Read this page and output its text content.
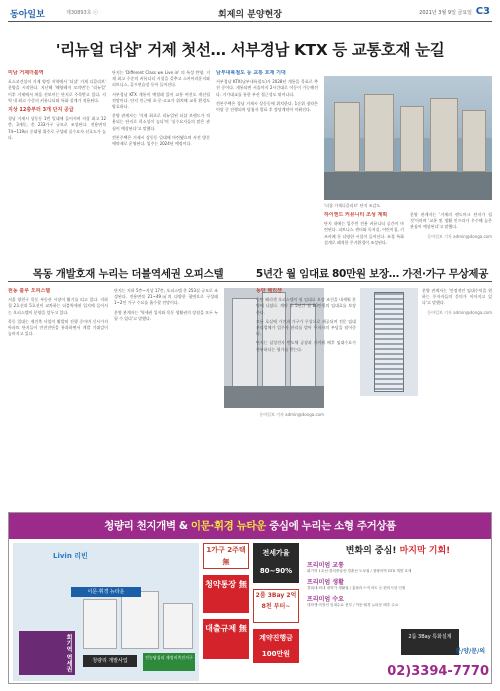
동아일보	제30893호 ⓒ	회제의 분양현장	2021년 3월 9일 금요일 C3
'리뉴얼 더샵' 거제 첫선… 서부경남 KTX 등 교통호재 눈길
미남 거제더블역

포스코건설이 거제 양정 지역에서 '더샵' 거제 디클리브' 분양을 시작한다. 지난해 '해양레저 모의면'는 '리뉴얼' 이후 거제에서 처음 선보이는 단지로 주목받고 있다. 지역 내 최고 수준의 커뮤니티와 특화 설계가 적용된다.

지상 12층부터 3개 단지 공급

경남 거제시 상동동 1번 일대에 들어서며 지상 최고 12층, 3개동, 총 233가구 규모로 조성된다. 전용면적 74~119㎡ 중대형 위주로 구성돼 실수요자 선호도가 높다.

단지는 'Different Class we Live in' 의 특성 반영. 거제 최고 수준의 커뮤니티 시설을 갖추고 스카이라운지와 피트니스, 골프연습장 등이 들어선다.

서부경남 KTX 개통이 예정돼 있어 교통 여건도 개선될 전망이다. 단지 인근에 초·중·고교가 위치해 교육 환경도 양호하다.

분양 관계자는 '거제 최초로 리뉴얼된 더샵 브랜드가 적용되는 단지로 희소성이 높다'며 '실수요자들의 많은 관심이 예상된다'고 말했다.

견본주택은 거제시 상동동 일대에 마련됐으며 사전 방문예약제로 운영된다. 입주는 2024년 예정이다.

남부내륙철도 등 교통 호재 기대

서부경남 KTX(남부내륙철도)가 2028년 개통을 목표로 추진 중이다. 개통되면 서울까지 2시간대로 이동이 가능해진다. 거가대교를 통한 부산 접근성도 뛰어나다.

견본주택은 경남 거제시 상동동에 위치한다. 1순위 청약은 이달 중 진행되며 당첨자 발표 후 정당계약이 이뤄진다.

'더샵 거제디클리브' 단지 조감도
하이엔드 커뮤니티 조성 계획

단지 내에는 입주민 전용 커뮤니티 공간이 마련된다. 피트니스 센터와 독서실, 어린이집, 키즈카페 등 다양한 시설이 들어선다. 조경 특화 설계로 쾌적한 주거환경이 조성된다.

분양 관계자는 '거제의 랜드마크 단지가 될 것'이라며 '교통 및 생활 인프라가 우수해 높은 관심이 예상된다'고 말했다.

동아일보 기자 admin@donga.com
목동 개발호재 누리는 더블역세권 오피스텔	5년간 월 임대료 80만원 보장… 가전·가구 무상제공
원동 블루 오피스텔

서울 양천구 목동 부동산 시장이 활기를 띠고 있다. 지하철 2호선과 5호선이 교차하는 더블역세권 입지에 들어서는 오피스텔이 분양을 앞두고 있다.

목동 일대는 재건축 사업이 활발히 진행 중이며 신시가지 아파트 단지들이 안전진단을 통과하면서 개발 기대감이 높아지고 있다.

단지는 지하 5층~지상 17층, 오피스텔 총 253실 규모로 조성된다. 전용면적 21~49㎡의 다양한 평면으로 구성돼 1~2인 가구 수요를 흡수할 전망이다.

분양 관계자는 '역세권 입지와 목동 생활권의 장점을 모두 누릴 수 있다'고 말했다.

동아일보 기자 admin@donga.com
동탄 헤리센

동탄 헤리센 오피스텔이 월 임대료 보장 조건을 내세워 분양에 나섰다. 계약 후 5년간 월 80만원의 임대료를 보장한다.

모든 호실에 가전과 가구가 무상으로 제공되며 전문 임대관리업체가 입주자 관리를 맡아 투자자의 부담을 덜어준다.

단지는 삼성전자 반도체 공장과 가까워 배후 임대수요가 풍부하다는 평가를 받는다.

분양 관계자는 '안정적인 임대수익을 원하는 투자자들의 문의가 이어지고 있다'고 말했다.

동아일보 기자 admin@donga.com
청량리 천지개벽 & 이문·휘경 뉴타운 중심에 누리는 소형 주거상품
Livin 리빈
이문·휘경 뉴타운
회기역 역세권	청량리 개발사업
전농답십리 재정비촉진지구
1가구 2주택 無
청약통장 無
대출규제 無
전세가율 80~90%
2룸 3Bay 2억 8천 부터~
계약진행금 100만원
변화의 중심! 마지막 기회!
프리미엄 교통
회기역 1호선·경의중앙선·경춘선 도보권 / 청량리역 GTX 개발 호재
프리미엄 생활
경희대·외대 대학가 생활권 / 홈플러스·이마트 등 편의시설 인접
프리미엄 수요
대학생·직장인 임대수요 풍부 / 이문·휘경 뉴타운 배후 수요
2룸 3Bay 특화설계
분/양/문/의
02)3394-7770
